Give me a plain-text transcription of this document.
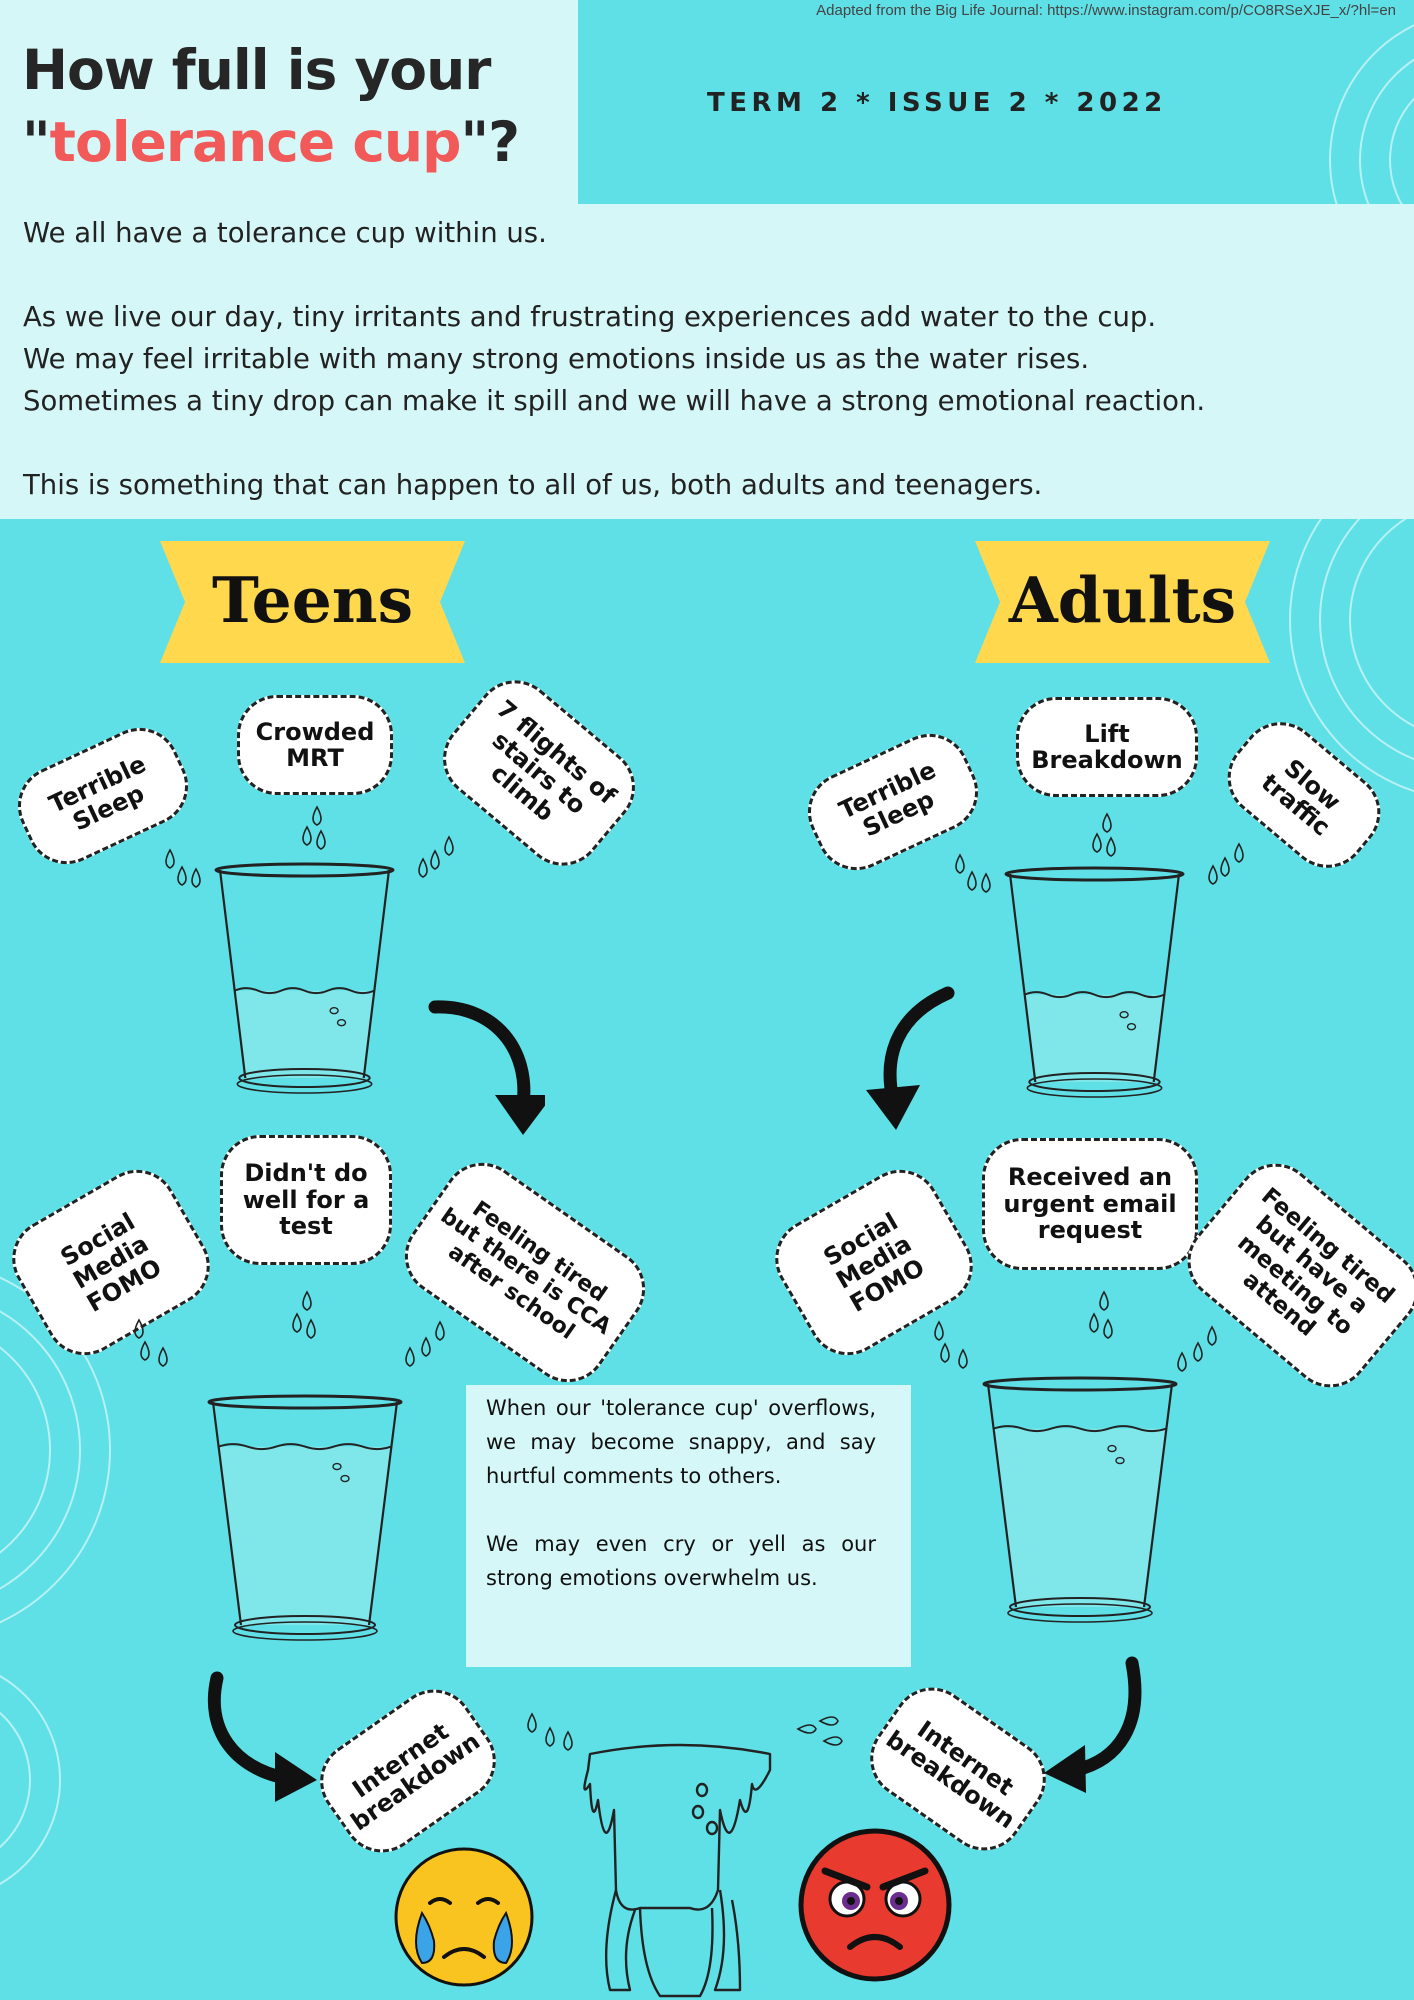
How full is your
"tolerance cup"?
Adapted from the Big Life Journal: https://www.instagram.com/p/CO8RSeXJE_x/?hl=en
TERM 2 * ISSUE 2 * 2022

We all have a tolerance cup within us.

As we live our day, tiny irritants and frustrating experiences add water to the cup.

We may feel irritable with many strong emotions inside us as the water rises.

Sometimes a tiny drop can make it spill and we will have a strong emotional reaction.

This is something that can happen to all of us, both adults and teenagers.

Teens	Adults
Terrible
Sleep
Crowded
MRT	7 flights of
stairs to
climb	Terrible
Sleep
Lift
Breakdown	Slow
traffic
Social
Media
FOMO
Didn't do
well for a
test	Feeling tired
but there is CCA
after school	Social
Media
FOMO
Received an
urgent email
request	Feeling tired
but have a
meeting to
attend
Internet
breakdown	Internet
breakdown

When our 'tolerance cup' overflows, we may become snappy, and say hurtful comments to others.

We may even cry or yell as our strong emotions overwhelm us.
